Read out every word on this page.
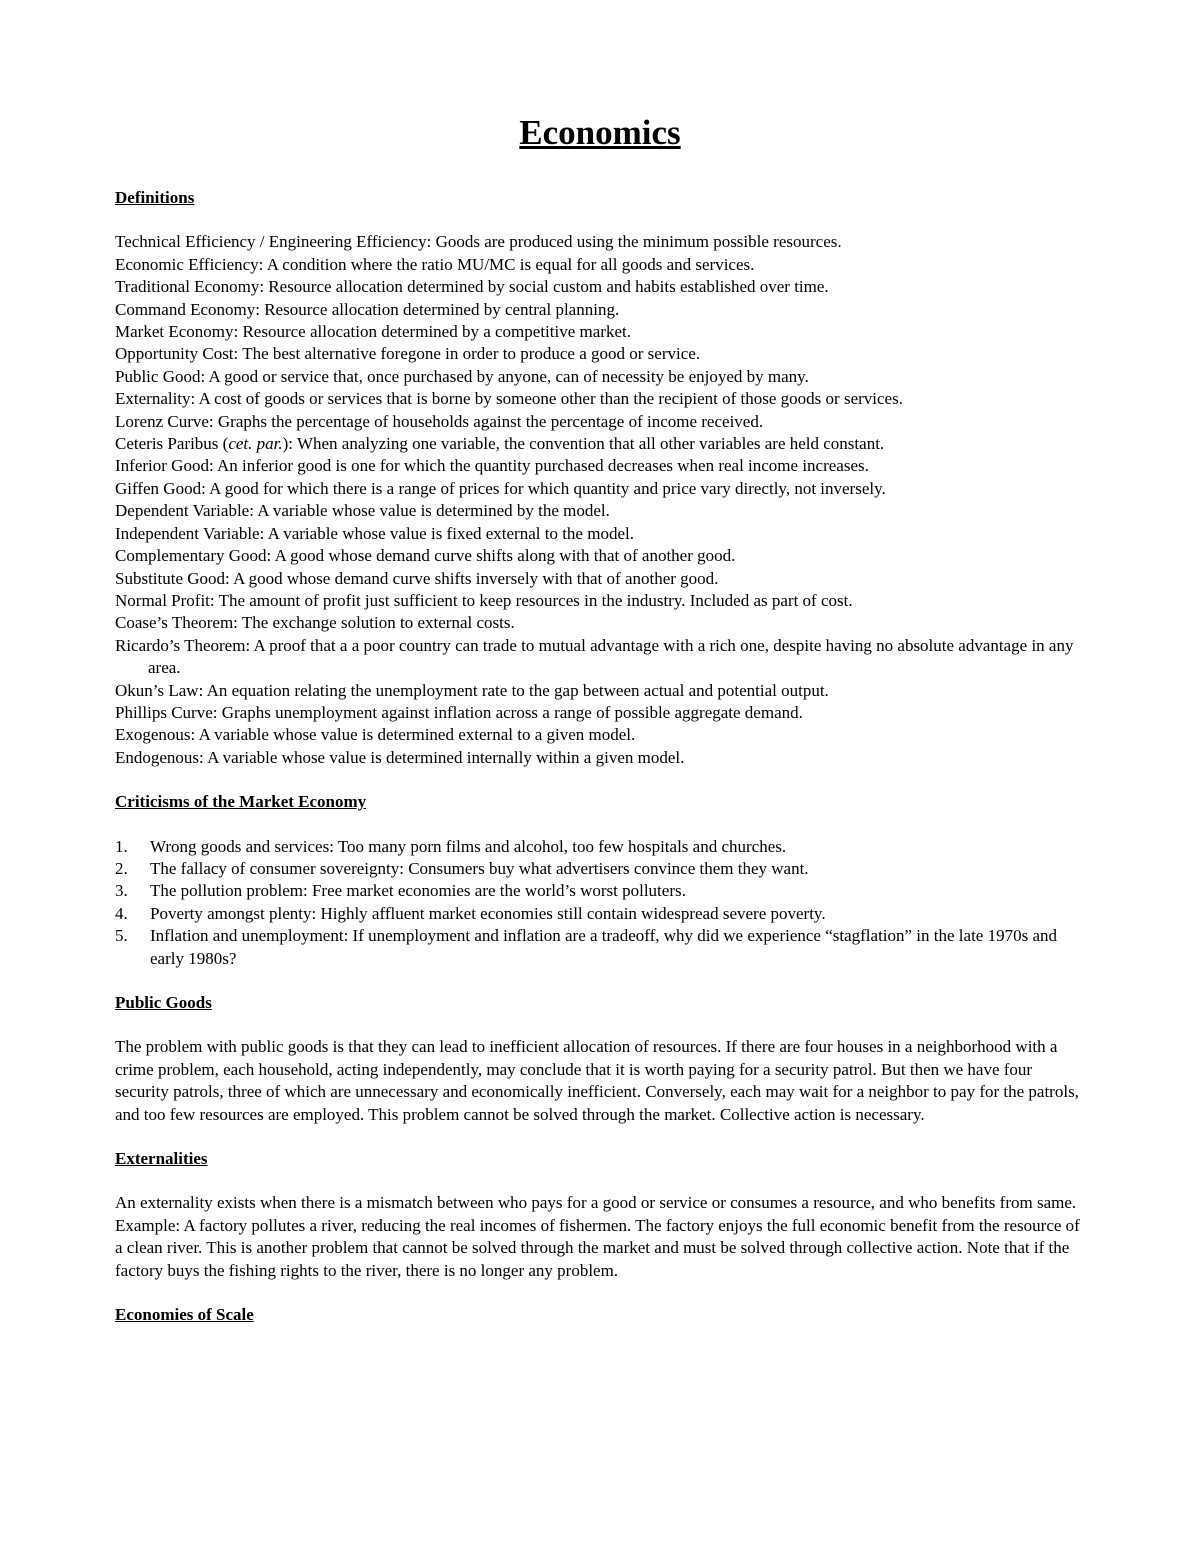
Economics
Definitions
Technical Efficiency / Engineering Efficiency: Goods are produced using the minimum possible resources.
Economic Efficiency: A condition where the ratio MU/MC is equal for all goods and services.
Traditional Economy: Resource allocation determined by social custom and habits established over time.
Command Economy: Resource allocation determined by central planning.
Market Economy: Resource allocation determined by a competitive market.
Opportunity Cost: The best alternative foregone in order to produce a good or service.
Public Good: A good or service that, once purchased by anyone, can of necessity be enjoyed by many.
Externality: A cost of goods or services that is borne by someone other than the recipient of those goods or services.
Lorenz Curve: Graphs the percentage of households against the percentage of income received.
Ceteris Paribus (cet. par.): When analyzing one variable, the convention that all other variables are held constant.
Inferior Good: An inferior good is one for which the quantity purchased decreases when real income increases.
Giffen Good: A good for which there is a range of prices for which quantity and price vary directly, not inversely.
Dependent Variable: A variable whose value is determined by the model.
Independent Variable: A variable whose value is fixed external to the model.
Complementary Good: A good whose demand curve shifts along with that of another good.
Substitute Good: A good whose demand curve shifts inversely with that of another good.
Normal Profit: The amount of profit just sufficient to keep resources in the industry. Included as part of cost.
Coase’s Theorem: The exchange solution to external costs.
Ricardo’s Theorem: A proof that a a poor country can trade to mutual advantage with a rich one, despite having no absolute advantage in any area.
Okun’s Law: An equation relating the unemployment rate to the gap between actual and potential output.
Phillips Curve: Graphs unemployment against inflation across a range of possible aggregate demand.
Exogenous: A variable whose value is determined external to a given model.
Endogenous: A variable whose value is determined internally within a given model.
Criticisms of the Market Economy
1. Wrong goods and services: Too many porn films and alcohol, too few hospitals and churches.
2. The fallacy of consumer sovereignty: Consumers buy what advertisers convince them they want.
3. The pollution problem: Free market economies are the world’s worst polluters.
4. Poverty amongst plenty: Highly affluent market economies still contain widespread severe poverty.
5. Inflation and unemployment: If unemployment and inflation are a tradeoff, why did we experience “stagflation” in the late 1970s and early 1980s?
Public Goods

The problem with public goods is that they can lead to inefficient allocation of resources. If there are four houses in a neighborhood with a crime problem, each household, acting independently, may conclude that it is worth paying for a security patrol. But then we have four security patrols, three of which are unnecessary and economically inefficient. Conversely, each may wait for a neighbor to pay for the patrols, and too few resources are employed. This problem cannot be solved through the market. Collective action is necessary.

Externalities

An externality exists when there is a mismatch between who pays for a good or service or consumes a resource, and who benefits from same. Example: A factory pollutes a river, reducing the real incomes of fishermen. The factory enjoys the full economic benefit from the resource of a clean river. This is another problem that cannot be solved through the market and must be solved through collective action. Note that if the factory buys the fishing rights to the river, there is no longer any problem.

Economies of Scale
